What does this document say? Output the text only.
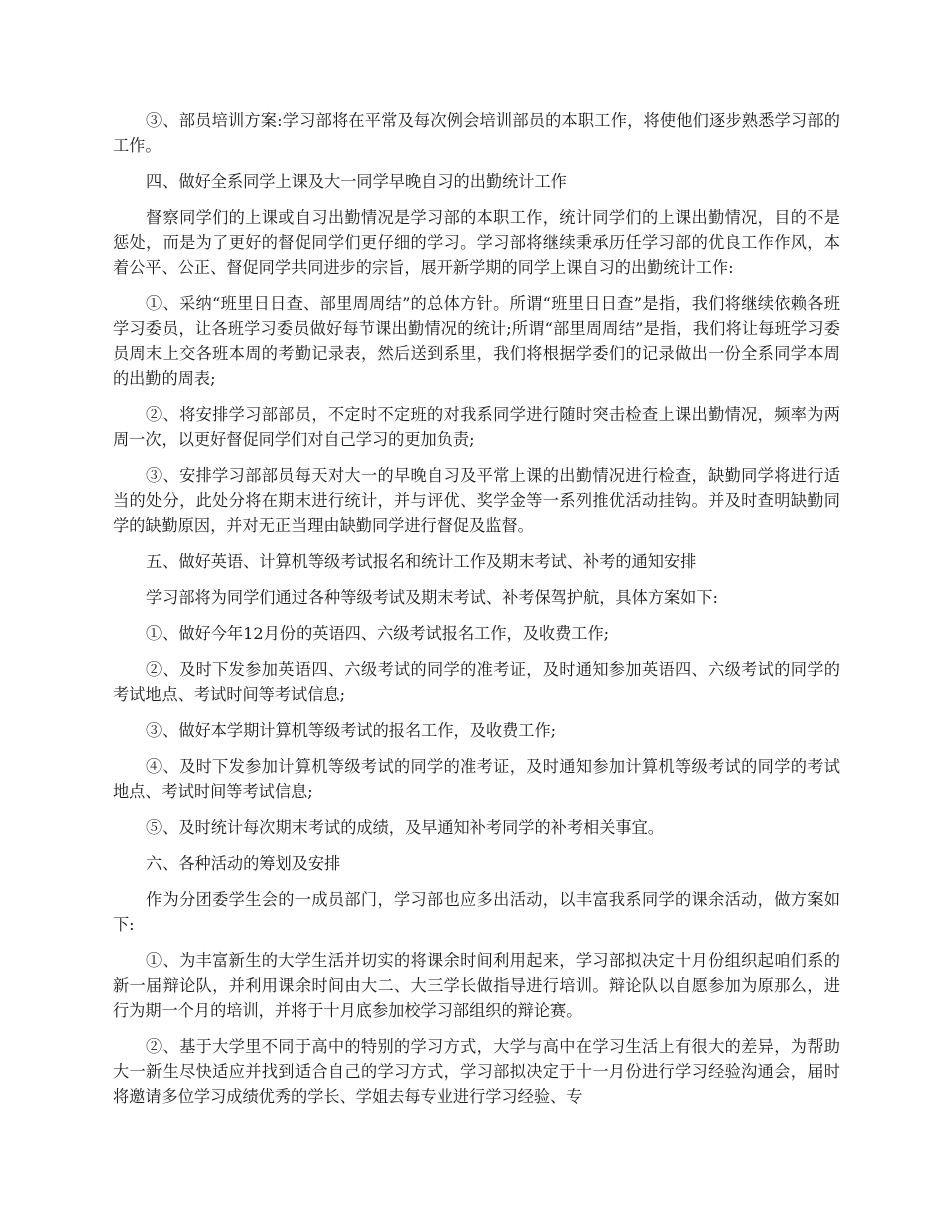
③、部员培训方案:学习部将在平常及每次例会培训部员的本职工作，将使他们逐步熟悉学习部的工作。

四、做好全系同学上课及大一同学早晚自习的出勤统计工作

督察同学们的上课或自习出勤情况是学习部的本职工作，统计同学们的上课出勤情况，目的不是惩处，而是为了更好的督促同学们更仔细的学习。学习部将继续秉承历任学习部的优良工作作风，本着公平、公正、督促同学共同进步的宗旨，展开新学期的同学上课自习的出勤统计工作:

①、采纳“班里日日查、部里周周结”的总体方针。所谓“班里日日查”是指，我们将继续依赖各班学习委员，让各班学习委员做好每节课出勤情况的统计;所谓“部里周周结”是指，我们将让每班学习委员周末上交各班本周的考勤记录表，然后送到系里，我们将根据学委们的记录做出一份全系同学本周的出勤的周表;

②、将安排学习部部员，不定时不定班的对我系同学进行随时突击检查上课出勤情况，频率为两周一次，以更好督促同学们对自己学习的更加负责;

③、安排学习部部员每天对大一的早晚自习及平常上课的出勤情况进行检查，缺勤同学将进行适当的处分，此处分将在期末进行统计，并与评优、奖学金等一系列推优活动挂钩。并及时查明缺勤同学的缺勤原因，并对无正当理由缺勤同学进行督促及监督。

五、做好英语、计算机等级考试报名和统计工作及期末考试、补考的通知安排

学习部将为同学们通过各种等级考试及期末考试、补考保驾护航，具体方案如下:

①、做好今年12月份的英语四、六级考试报名工作，及收费工作;

②、及时下发参加英语四、六级考试的同学的准考证，及时通知参加英语四、六级考试的同学的考试地点、考试时间等考试信息;

③、做好本学期计算机等级考试的报名工作，及收费工作;

④、及时下发参加计算机等级考试的同学的准考证，及时通知参加计算机等级考试的同学的考试地点、考试时间等考试信息;

⑤、及时统计每次期末考试的成绩，及早通知补考同学的补考相关事宜。

六、各种活动的筹划及安排

作为分团委学生会的一成员部门，学习部也应多出活动，以丰富我系同学的课余活动，做方案如下:

①、为丰富新生的大学生活并切实的将课余时间利用起来，学习部拟决定十月份组织起咱们系的新一届辩论队，并利用课余时间由大二、大三学长做指导进行培训。辩论队以自愿参加为原那么，进行为期一个月的培训，并将于十月底参加校学习部组织的辩论赛。

②、基于大学里不同于高中的特别的学习方式，大学与高中在学习生活上有很大的差异，为帮助大一新生尽快适应并找到适合自己的学习方式，学习部拟决定于十一月份进行学习经验沟通会，届时将邀请多位学习成绩优秀的学长、学姐去每专业进行学习经验、专
